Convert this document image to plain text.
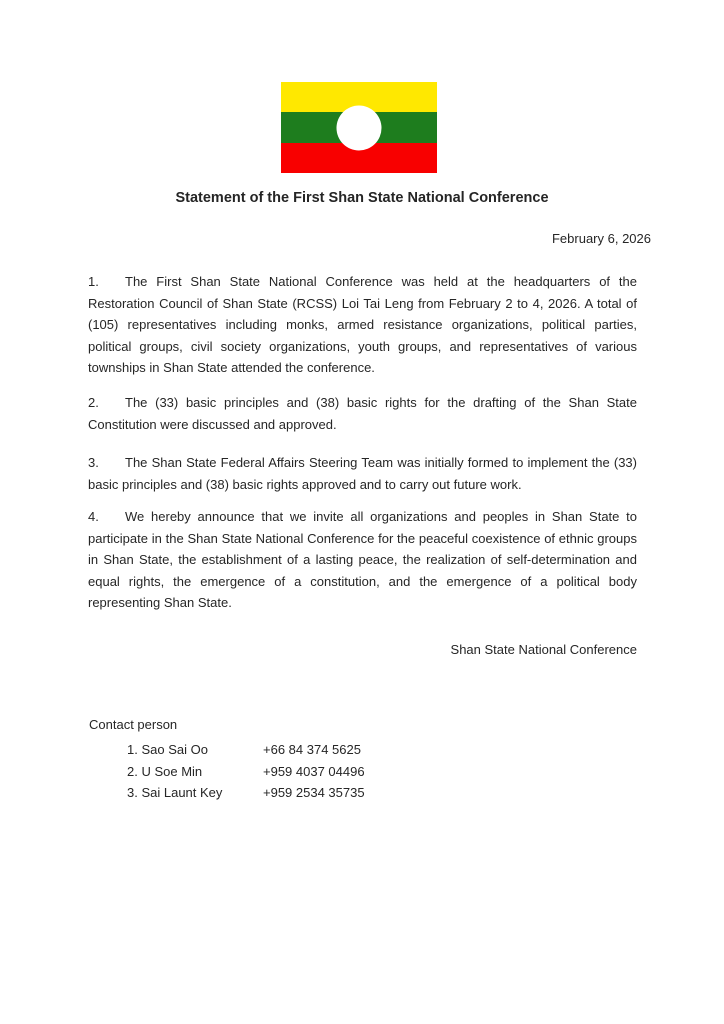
Statement of the First Shan State National Conference
February 6, 2026

1. The First Shan State National Conference was held at the headquarters of the Restoration Council of Shan State (RCSS) Loi Tai Leng from February 2 to 4, 2026. A total of (105) representatives including monks, armed resistance organizations, political parties, political groups, civil society organizations, youth groups, and representatives of various townships in Shan State attended the conference.

2. The (33) basic principles and (38) basic rights for the drafting of the Shan State Constitution were discussed and approved.

3. The Shan State Federal Affairs Steering Team was initially formed to implement the (33) basic principles and (38) basic rights approved and to carry out future work.

4. We hereby announce that we invite all organizations and peoples in Shan State to participate in the Shan State National Conference for the peaceful coexistence of ethnic groups in Shan State, the establishment of a lasting peace, the realization of self-determination and equal rights, the emergence of a constitution, and the emergence of a political body representing Shan State.

Shan State National Conference
Contact person
1. Sao Sai Oo	+66 84 374 5625
2. U Soe Min	+959 4037 04496
3. Sai Launt Key	+959 2534 35735
